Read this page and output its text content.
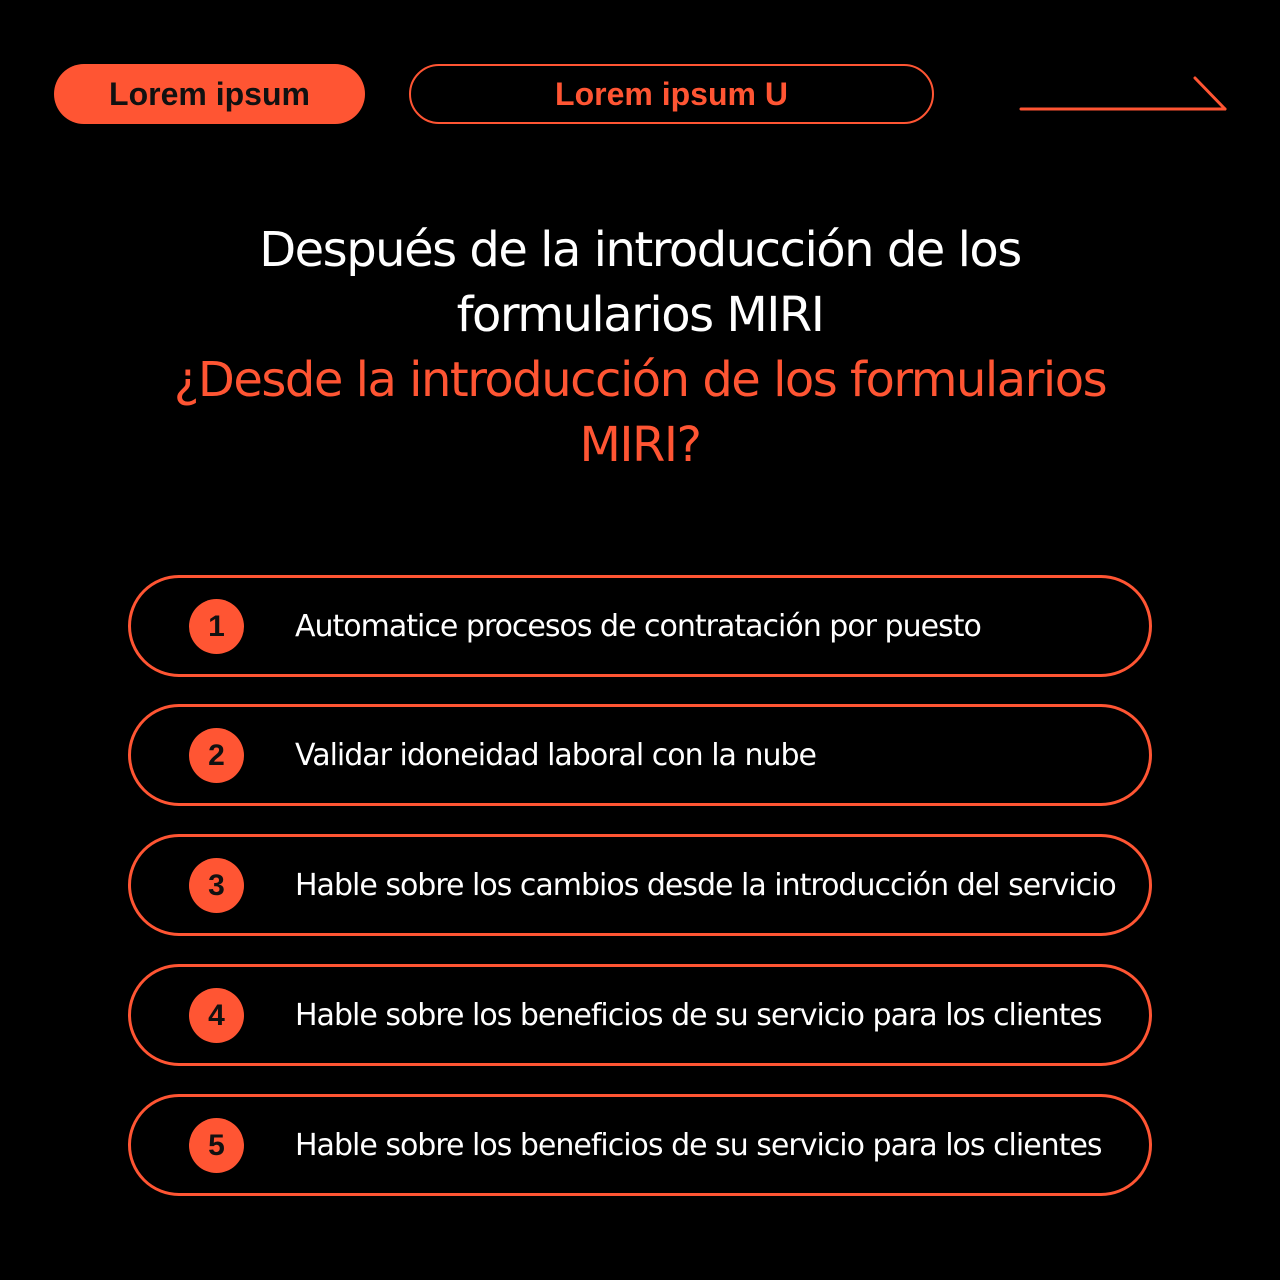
Lorem ipsum	Lorem ipsum U
Después de la introducción de los
formularios MIRI
¿Desde la introducción de los formularios
MIRI?
1	Automatice procesos de contratación por puesto
2	Validar idoneidad laboral con la nube
3	Hable sobre los cambios desde la introducción del servicio
4	Hable sobre los beneficios de su servicio para los clientes
5	Hable sobre los beneficios de su servicio para los clientes
